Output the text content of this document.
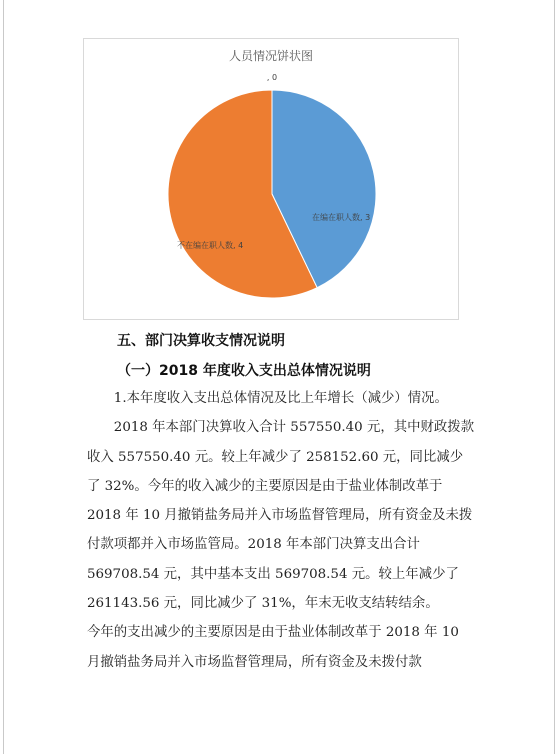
人员情况饼状图
在编在职人数, 3
不在编在职人数, 4
, 0
五、部门决算收支情况说明
（一）2018 年度收入支出总体情况说明

1.本年度收入支出总体情况及比上年增长（减少）情况。

2018 年本部门决算收入合计 557550.40 元，其中财政拨款收入 557550.40 元。较上年减少了 258152.60 元，同比减少了 32%。今年的收入减少的主要原因是由于盐业体制改革于 2018 年 10 月撤销盐务局并入市场监督管理局，所有资金及未拨付款项都并入市场监管局。2018 年本部门决算支出合计 569708.54 元，其中基本支出 569708.54 元。较上年减少了 261143.56 元，同比减少了 31%，年末无收支结转结余。

今年的支出减少的主要原因是由于盐业体制改革于 2018 年 10 月撤销盐务局并入市场监督管理局，所有资金及未拨付款
